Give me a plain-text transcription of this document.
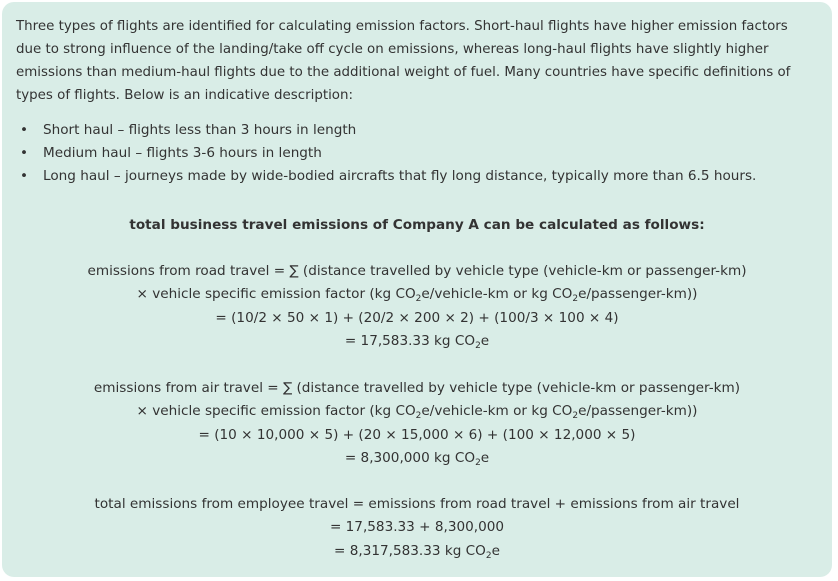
Three types of flights are identified for calculating emission factors. Short-haul flights have higher emission factors due to strong influence of the landing/take off cycle on emissions, whereas long-haul flights have slightly higher emissions than medium-haul flights due to the additional weight of fuel. Many countries have specific definitions of types of flights. Below is an indicative description:

• Short haul – flights less than 3 hours in length
• Medium haul – flights 3-6 hours in length
• Long haul – journeys made by wide-bodied aircrafts that fly long distance, typically more than 6.5 hours.

total business travel emissions of Company A can be calculated as follows:

emissions from road travel = ∑ (distance travelled by vehicle type (vehicle-km or passenger-km)
× vehicle specific emission factor (kg $CO_2e/vehicle-km$ or kg $CO_2e/passenger-km$))
= (10/2 × 50 × 1) + (20/2 × 200 × 2) + (100/3 × 100 × 4)
= 17,583.33 kg $CO_2e$
emissions from air travel = ∑ (distance travelled by vehicle type (vehicle-km or passenger-km)
× vehicle specific emission factor (kg $CO_2e/vehicle-km$ or kg $CO_2e/passenger-km$))
= (10 × 10,000 × 5) + (20 × 15,000 × 6) + (100 × 12,000 × 5)
= 8,300,000 kg $CO_2e$
total emissions from employee travel = emissions from road travel + emissions from air travel
= 17,583.33 + 8,300,000
= 8,317,583.33 kg $CO_2e$
